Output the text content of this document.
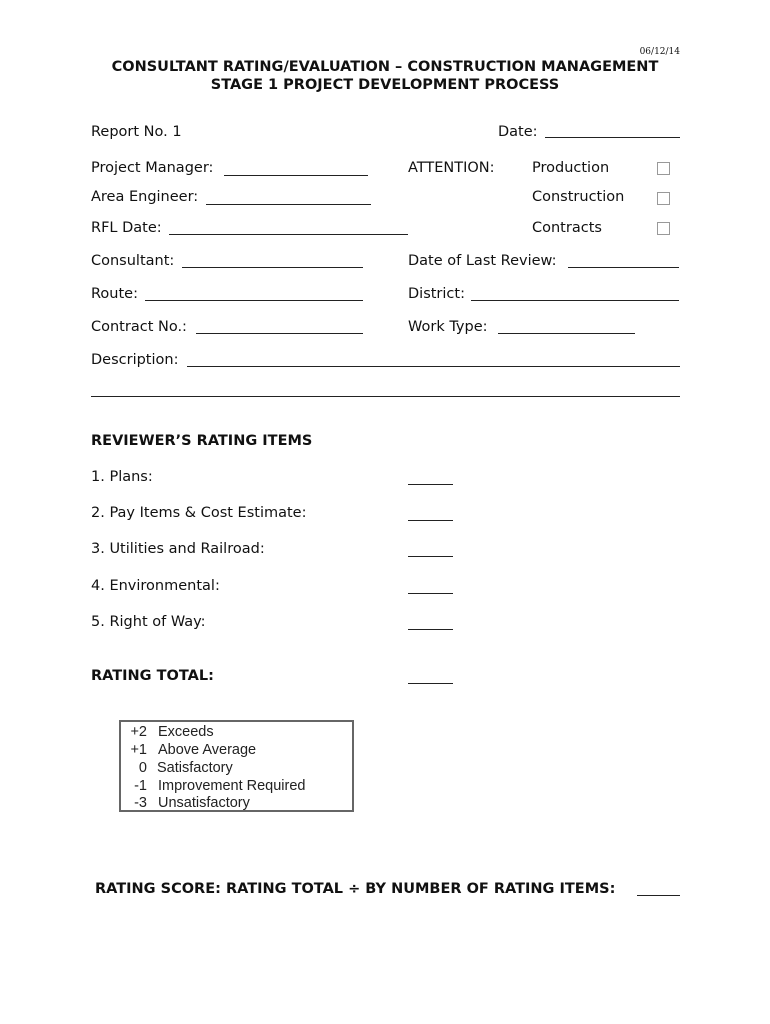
06/12/14
CONSULTANT RATING/EVALUATION – CONSTRUCTION MANAGEMENT
STAGE 1 PROJECT DEVELOPMENT PROCESS
Report No. 1	Date:
Project Manager:	ATTENTION:	Production
Area Engineer:	Construction
RFL Date:	Contracts
Consultant:	Date of Last Review:
Route:	District:
Contract No.:	Work Type:
Description:
REVIEWER’S RATING ITEMS
1. Plans:
2. Pay Items & Cost Estimate:
3. Utilities and Railroad:
4. Environmental:
5. Right of Way:
RATING TOTAL:
+2 Exceeds
+1 Above Average
0 Satisfactory
-1 Improvement Required
-3 Unsatisfactory
RATING SCORE: RATING TOTAL ÷ BY NUMBER OF RATING ITEMS:
